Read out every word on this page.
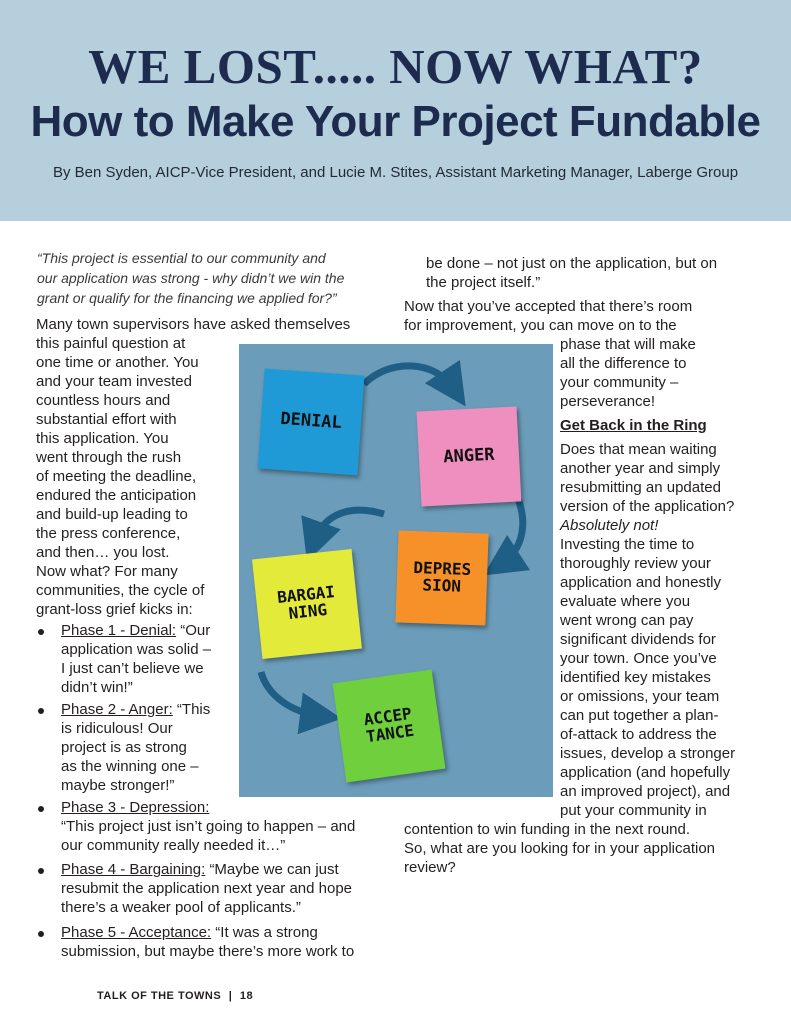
WE LOST..... NOW WHAT?
How to Make Your Project Fundable

By Ben Syden, AICP-Vice President, and Lucie M. Stites, Assistant Marketing Manager, Laberge Group

“This project is essential to our community and

our application was strong - why didn’t we win the

grant or qualify for the financing we applied for?”

Many town supervisors have asked themselves

this painful question at

one time or another. You

and your team invested

countless hours and

substantial effort with

this application. You

went through the rush

of meeting the deadline,

endured the anticipation

and build-up leading to

the press conference,

and then… you lost.

Now what? For many

communities, the cycle of

grant-loss grief kicks in:

Phase 1 - Denial: “Our

application was solid –

I just can’t believe we

didn’t win!”

Phase 2 - Anger: “This

is ridiculous! Our

project is as strong

as the winning one –

maybe stronger!”

Phase 3 - Depression:

“This project just isn’t going to happen – and

our community really needed it…”

Phase 4 - Bargaining: “Maybe we can just

resubmit the application next year and hope

there’s a weaker pool of applicants.”

Phase 5 - Acceptance: “It was a strong

submission, but maybe there’s more work to

DENIAL
ANGER
DEPRES SION
BARGAI NING
ACCEP TANCE

be done – not just on the application, but on

the project itself.”

Now that you’ve accepted that there’s room

for improvement, you can move on to the

phase that will make

all the difference to

your community –

perseverance!

Get Back in the Ring

Does that mean waiting

another year and simply

resubmitting an updated

version of the application?

Absolutely not!

Investing the time to

thoroughly review your

application and honestly

evaluate where you

went wrong can pay

significant dividends for

your town. Once you’ve

identified key mistakes

or omissions, your team

can put together a plan-

of-attack to address the

issues, develop a stronger

application (and hopefully

an improved project), and

put your community in

contention to win funding in the next round.

So, what are you looking for in your application

review?

TALK OF THE TOWNS | 18
